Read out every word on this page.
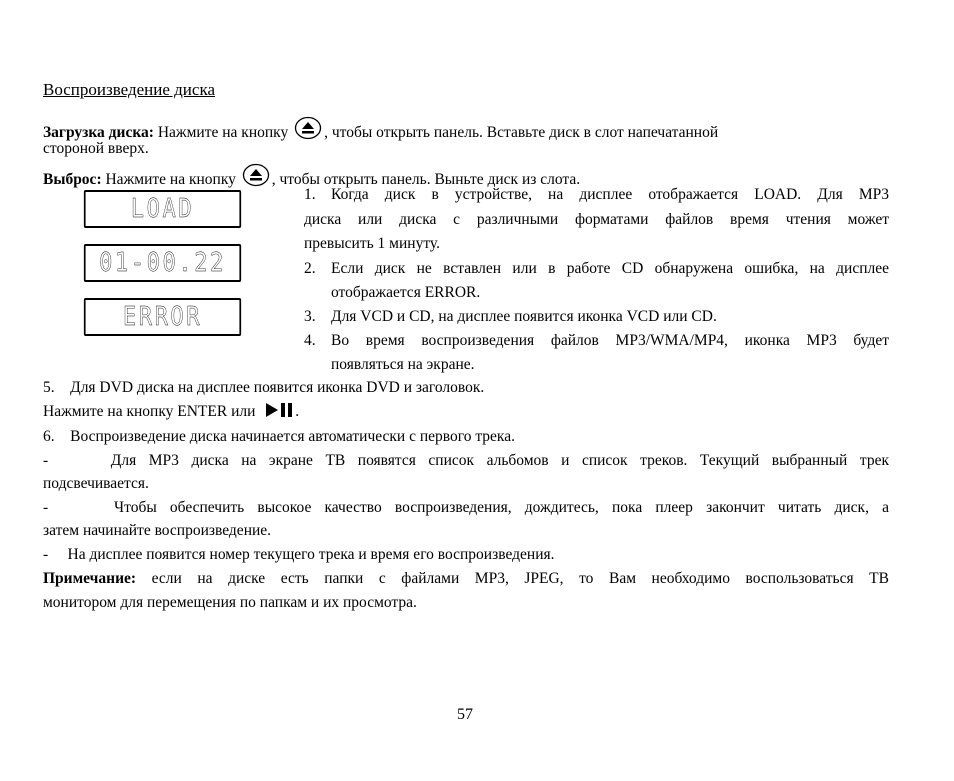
Воспроизведение диска
Загрузка диска: Нажмите на кнопку , чтобы открыть панель. Вставьте диск в слот напечатанной
стороной вверх.
Выброс: Нажмите на кнопку , чтобы открыть панель. Выньте диск из слота.
LOAD
01-00.22
ERROR
1. Когда диск в устройстве, на дисплее отображается LOAD. Для MP3
диска или диска с различными форматами файлов время чтения может
превысить 1 минуту.
2. Если диск не вставлен или в работе CD обнаружена ошибка, на дисплее
отображается ERROR.
3. Для VCD и CD, на дисплее появится иконка VCD или CD.
4. Во время воспроизведения файлов MP3/WMA/MP4, иконка MP3 будет
появляться на экране.
5.    Для DVD диска на дисплее появится иконка DVD и заголовок.
Нажмите на кнопку ENTER или .
6.    Воспроизведение диска начинается автоматически с первого трека.
-     Для MP3 диска на экране ТВ появятся список альбомов и список треков. Текущий выбранный трек
подсвечивается.
-     Чтобы обеспечить высокое качество воспроизведения, дождитесь, пока плеер закончит читать диск, а
затем начинайте воспроизведение.
-     На дисплее появится номер текущего трека и время его воспроизведения.
Примечание: если на диске есть папки с файлами MP3, JPEG, то Вам необходимо воспользоваться ТВ
монитором для перемещения по папкам и их просмотра.
57
